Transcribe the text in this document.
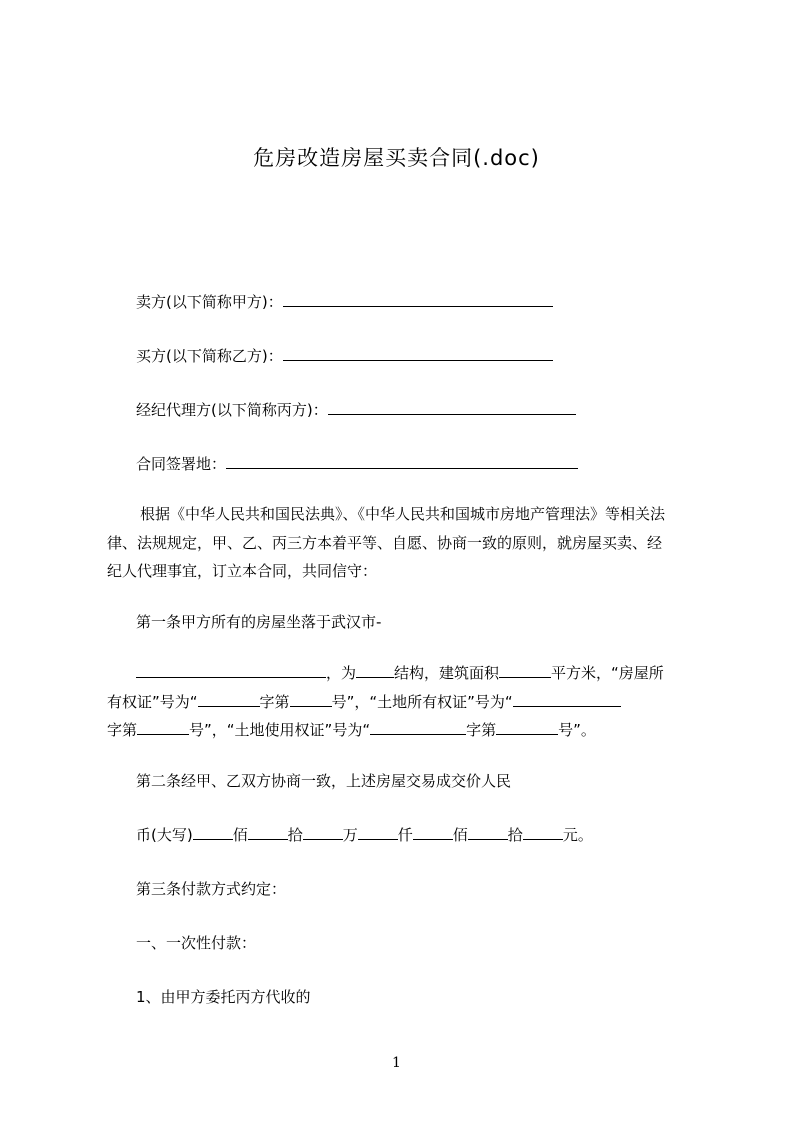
危房改造房屋买卖合同(.doc)
卖方(以下简称甲方)：
买方(以下简称乙方)：
经纪代理方(以下简称丙方)：
合同签署地：
根据《中华人民共和国民法典》、《中华人民共和国城市房地产管理法》等相关法
律、法规规定，甲、乙、丙三方本着平等、自愿、协商一致的原则，就房屋买卖、经
纪人代理事宜，订立本合同，共同信守：
第一条甲方所有的房屋坐落于武汉市-
，为	结构，建筑面积	平方米，“房屋所
有权证”号为“	字第	号”，“土地所有权证”号为“
字第	号”，“土地使用权证”号为“	字第	号”。
第二条经甲、乙双方协商一致，上述房屋交易成交价人民
币(大写)	佰	拾	万	仟	佰	拾	元。
第三条付款方式约定：
一、一次性付款：
1、由甲方委托丙方代收的
1
